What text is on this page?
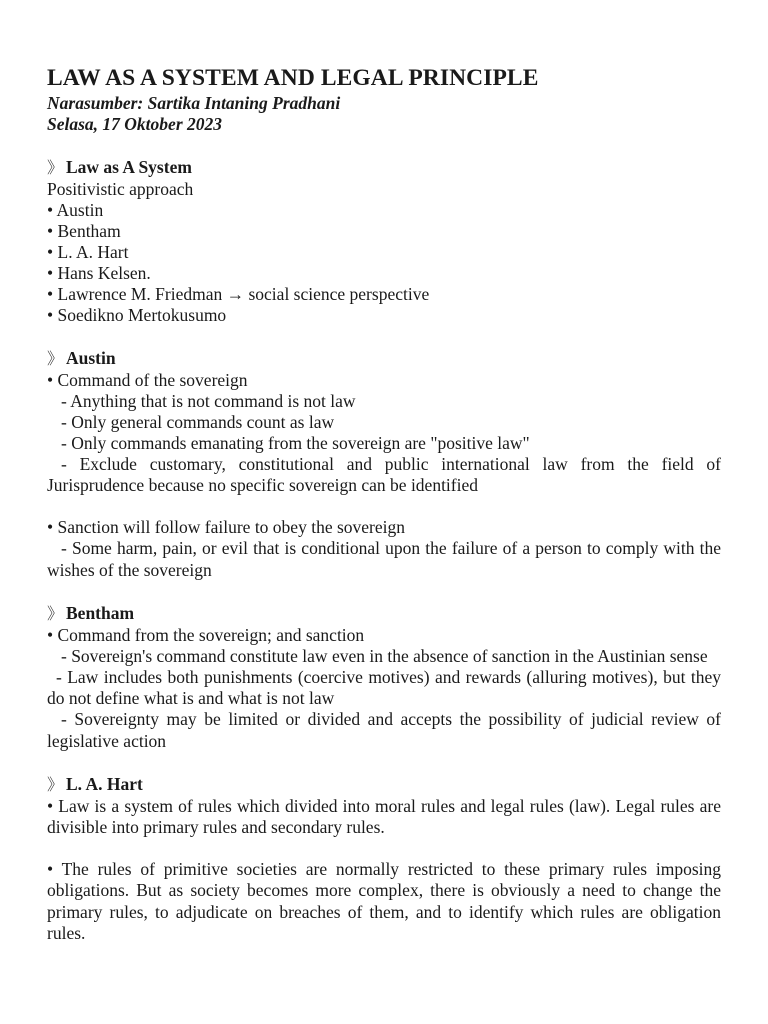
LAW AS A SYSTEM AND LEGAL PRINCIPLE

Narasumber: Sartika Intaning Pradhani

Selasa, 17 Oktober 2023

》 Law as A System

Positivistic approach

• Austin

• Bentham

• L. A. Hart

• Hans Kelsen.

• Lawrence M. Friedman → social science perspective

• Soedikno Mertokusumo

》 Austin

• Command of the sovereign

- Anything that is not command is not law

- Only general commands count as law

- Only commands emanating from the sovereign are "positive law"

- Exclude customary, constitutional and public international law from the field of Jurisprudence because no specific sovereign can be identified

• Sanction will follow failure to obey the sovereign

- Some harm, pain, or evil that is conditional upon the failure of a person to comply with the wishes of the sovereign

》 Bentham

• Command from the sovereign; and sanction

- Sovereign's command constitute law even in the absence of sanction in the Austinian sense

- Law includes both punishments (coercive motives) and rewards (alluring motives), but they do not define what is and what is not law

- Sovereignty may be limited or divided and accepts the possibility of judicial review of legislative action

》 L. A. Hart

• Law is a system of rules which divided into moral rules and legal rules (law). Legal rules are divisible into primary rules and secondary rules.

• The rules of primitive societies are normally restricted to these primary rules imposing obligations. But as society becomes more complex, there is obviously a need to change the primary rules, to adjudicate on breaches of them, and to identify which rules are obligation rules.
